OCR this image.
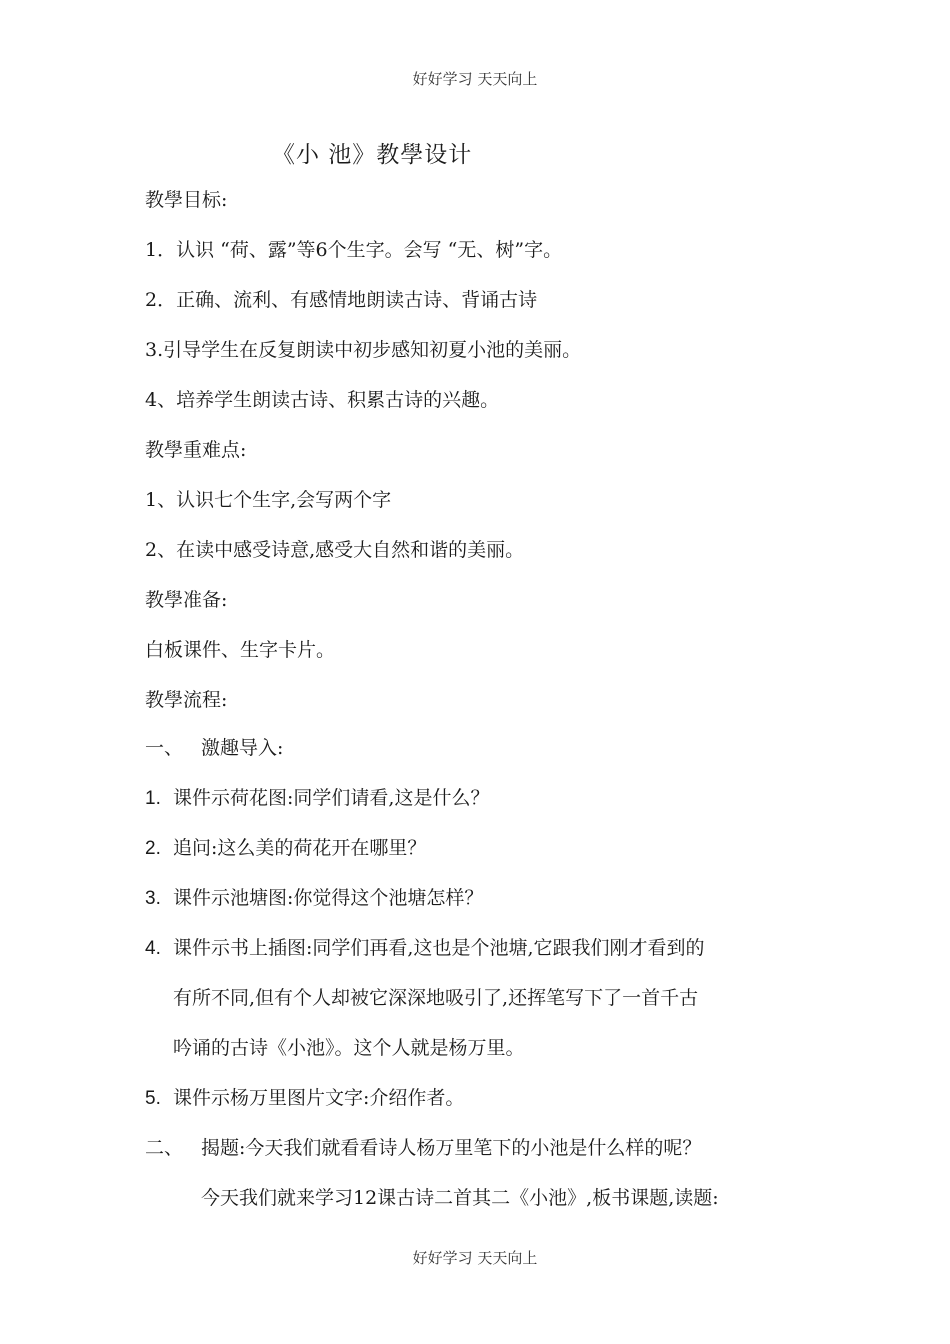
好好学习 天天向上
《小 池》教學设计
教學目标:
1．认识 “荷、露”等6个生字。会写 “无、树”字。
2．正确、流利、有感情地朗读古诗、背诵古诗
3.引导学生在反复朗读中初步感知初夏小池的美丽。
4、培养学生朗读古诗、积累古诗的兴趣。
教學重难点:
1、认识七个生字,会写两个字
2、在读中感受诗意,感受大自然和谐的美丽。
教學准备:
白板课件、生字卡片。
教學流程:
一、 激趣导入:
1. 课件示荷花图:同学们请看,这是什么？
2. 追问:这么美的荷花开在哪里？
3. 课件示池塘图:你觉得这个池塘怎样？
4. 课件示书上插图:同学们再看,这也是个池塘,它跟我们刚才看到的
有所不同,但有个人却被它深深地吸引了,还挥笔写下了一首千古
吟诵的古诗《小池》。这个人就是杨万里。
5. 课件示杨万里图片文字:介绍作者。
二、 揭题:今天我们就看看诗人杨万里笔下的小池是什么样的呢？
今天我们就来学习12课古诗二首其二《小池》,板书课题,读题:
好好学习 天天向上
